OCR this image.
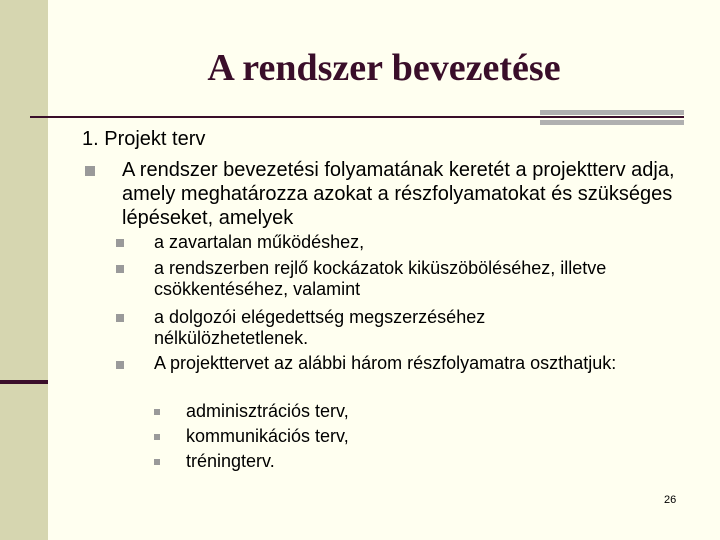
A rendszer bevezetése
1. Projekt terv
A rendszer bevezetési folyamatának keretét a projektterv adja, amely meghatározza azokat a részfolyamatokat és szükséges lépéseket, amelyek
a zavartalan működéshez,
a rendszerben rejlő kockázatok kiküszöböléséhez, illetve csökkentéséhez, valamint
a dolgozói elégedettség megszerzéséhez nélkülözhetetlenek.
A projekttervet az alábbi három részfolyamatra oszthatjuk:
adminisztrációs terv,
kommunikációs terv,
tréningterv.
26
